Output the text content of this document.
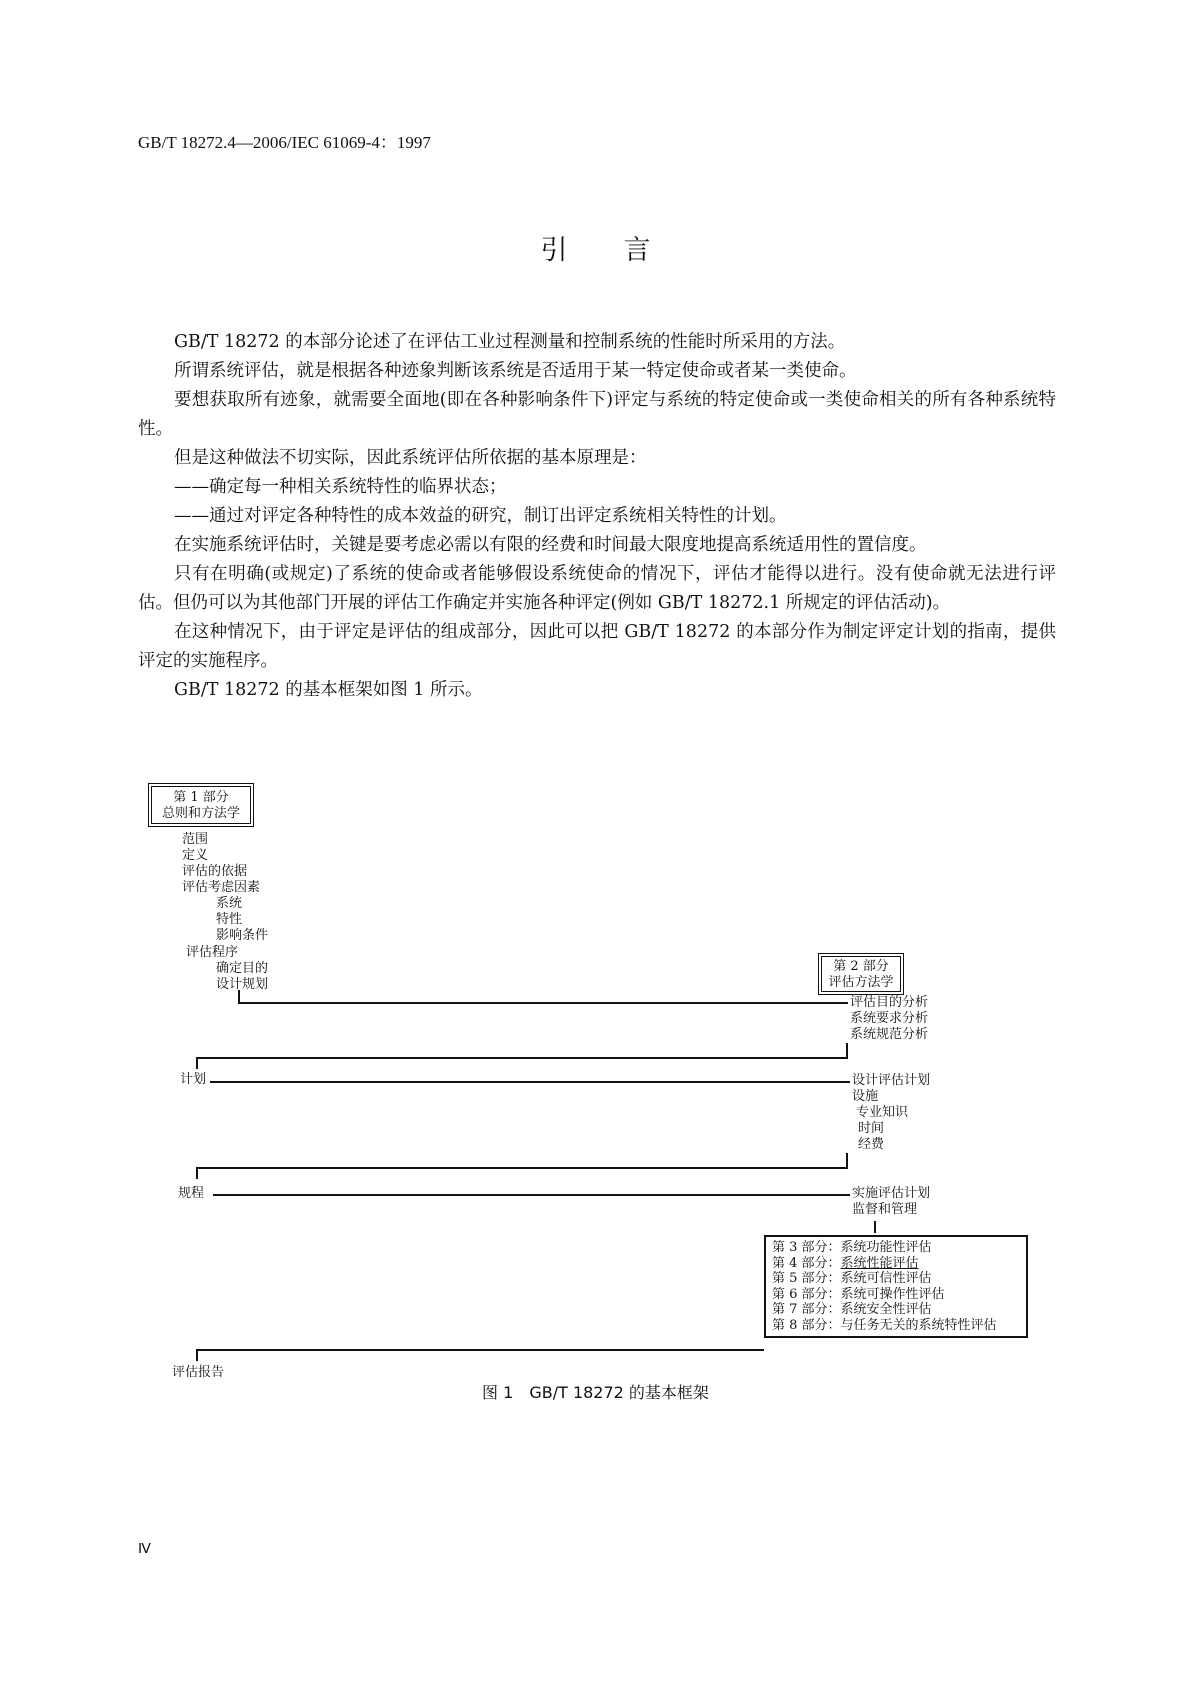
GB/T 18272.4—2006/IEC 61069-4：1997
引言

GB/T 18272 的本部分论述了在评估工业过程测量和控制系统的性能时所采用的方法。

所谓系统评估，就是根据各种迹象判断该系统是否适用于某一特定使命或者某一类使命。

要想获取所有迹象，就需要全面地(即在各种影响条件下)评定与系统的特定使命或一类使命相关的所有各种系统特性。

但是这种做法不切实际，因此系统评估所依据的基本原理是：

——确定每一种相关系统特性的临界状态；

——通过对评定各种特性的成本效益的研究，制订出评定系统相关特性的计划。

在实施系统评估时，关键是要考虑必需以有限的经费和时间最大限度地提高系统适用性的置信度。

只有在明确(或规定)了系统的使命或者能够假设系统使命的情况下，评估才能得以进行。没有使命就无法进行评估。但仍可以为其他部门开展的评估工作确定并实施各种评定(例如 GB/T 18272.1 所规定的评估活动)。

在这种情况下，由于评定是评估的组成部分，因此可以把 GB/T 18272 的本部分作为制定评定计划的指南，提供评定的实施程序。

GB/T 18272 的基本框架如图 1 所示。

第 1 部分
总则和方法学
范围
定义
评估的依据
评估考虑因素
系统
特性
影响条件
评估程序
确定目的
设计规划
第 2 部分
评估方法学
评估目的分析
系统要求分析
系统规范分析
计划	设计评估计划
设施
专业知识
时间
经费
规程	实施评估计划
监督和管理
第 3 部分：系统功能性评估
第 4 部分：系统性能评估
第 5 部分：系统可信性评估
第 6 部分：系统可操作性评估
第 7 部分：系统安全性评估
第 8 部分：与任务无关的系统特性评估
评估报告
图 1　GB/T 18272 的基本框架
Ⅳ
